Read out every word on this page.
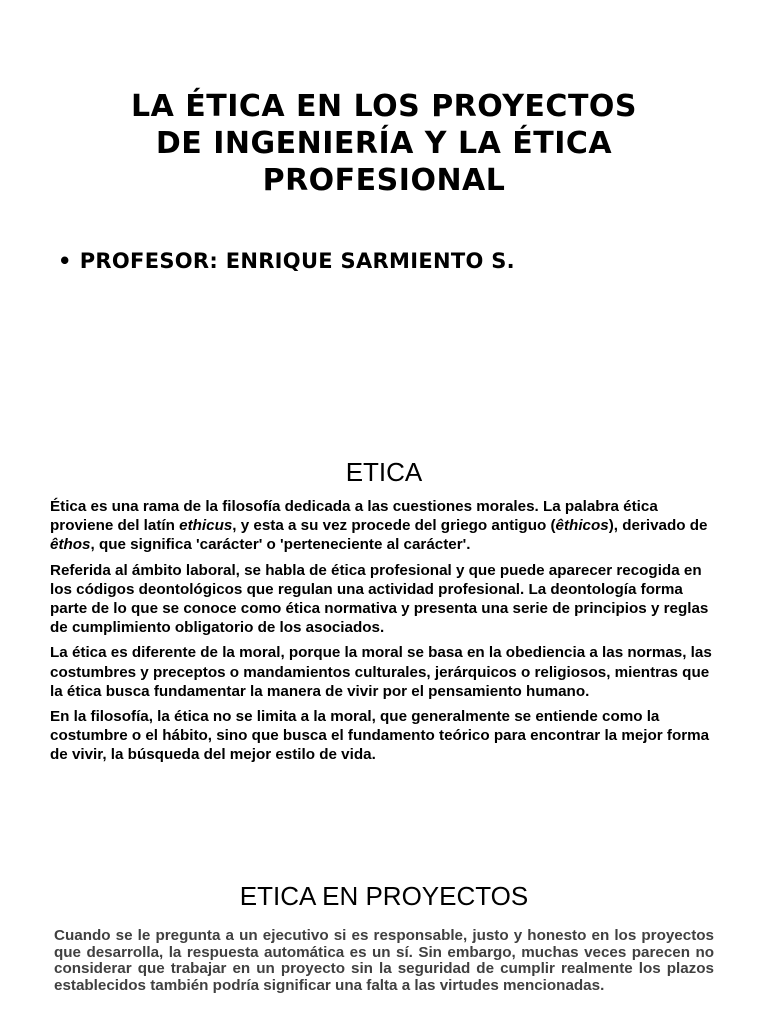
LA ÉTICA EN LOS PROYECTOS
DE INGENIERÍA Y LA ÉTICA
PROFESIONAL

• PROFESOR: ENRIQUE SARMIENTO S.

ETICA

Ética es una rama de la filosofía dedicada a las cuestiones morales. La palabra ética proviene del latín ethicus, y esta a su vez procede del griego antiguo (êthicos), derivado de êthos, que significa 'carácter' o 'perteneciente al carácter'.

Referida al ámbito laboral, se habla de ética profesional y que puede aparecer recogida en los códigos deontológicos que regulan una actividad profesional. La deontología forma parte de lo que se conoce como ética normativa y presenta una serie de principios y reglas de cumplimiento obligatorio de los asociados.

La ética es diferente de la moral, porque la moral se basa en la obediencia a las normas, las costumbres y preceptos o mandamientos culturales, jerárquicos o religiosos, mientras que la ética busca fundamentar la manera de vivir por el pensamiento humano.

En la filosofía, la ética no se limita a la moral, que generalmente se entiende como la costumbre o el hábito, sino que busca el fundamento teórico para encontrar la mejor forma de vivir, la búsqueda del mejor estilo de vida.

ETICA EN PROYECTOS

Cuando se le pregunta a un ejecutivo si es responsable, justo y honesto en los proyectos que desarrolla, la respuesta automática es un sí. Sin embargo, muchas veces parecen no considerar que trabajar en un proyecto sin la seguridad de cumplir realmente los plazos establecidos también podría significar una falta a las virtudes mencionadas.
